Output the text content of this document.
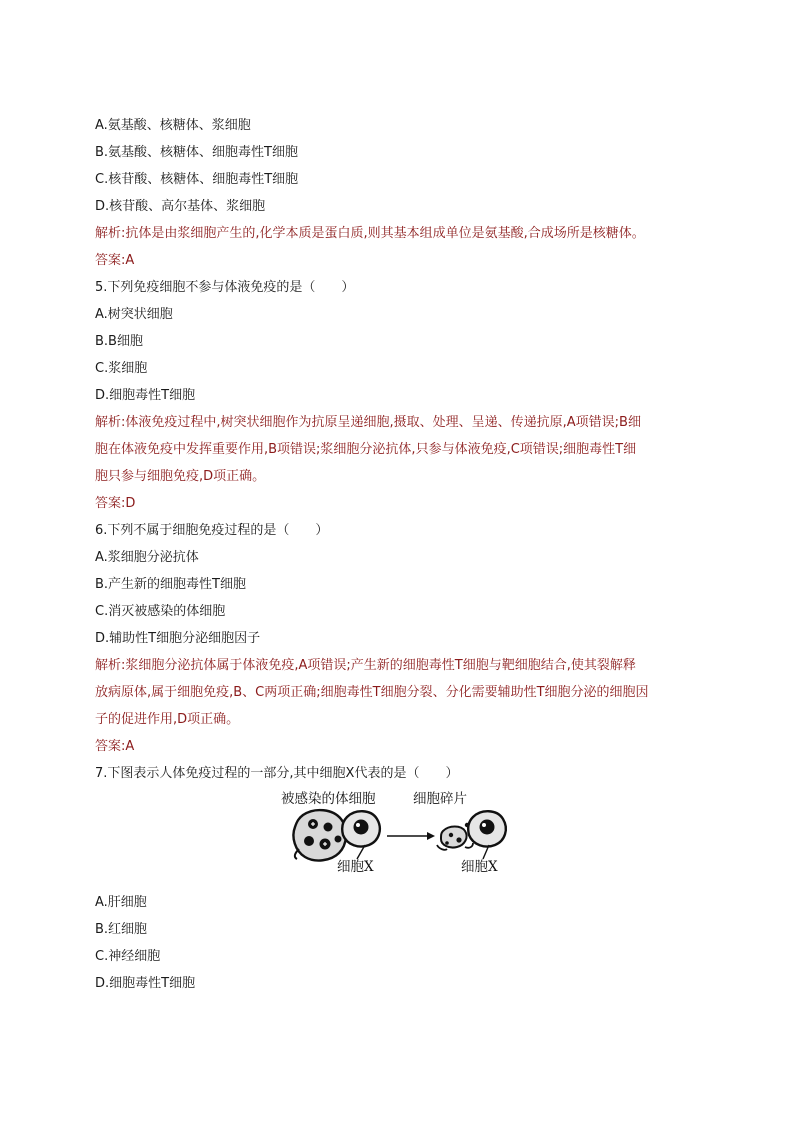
A.氨基酸、核糖体、浆细胞
B.氨基酸、核糖体、细胞毒性T细胞
C.核苷酸、核糖体、细胞毒性T细胞
D.核苷酸、高尔基体、浆细胞
解析:抗体是由浆细胞产生的,化学本质是蛋白质,则其基本组成单位是氨基酸,合成场所是核糖体。
答案:A
5.下列免疫细胞不参与体液免疫的是（　　）
A.树突状细胞
B.B细胞
C.浆细胞
D.细胞毒性T细胞
解析:体液免疫过程中,树突状细胞作为抗原呈递细胞,摄取、处理、呈递、传递抗原,A项错误;B细
胞在体液免疫中发挥重要作用,B项错误;浆细胞分泌抗体,只参与体液免疫,C项错误;细胞毒性T细
胞只参与细胞免疫,D项正确。
答案:D
6.下列不属于细胞免疫过程的是（　　）
A.浆细胞分泌抗体
B.产生新的细胞毒性T细胞
C.消灭被感染的体细胞
D.辅助性T细胞分泌细胞因子
解析:浆细胞分泌抗体属于体液免疫,A项错误;产生新的细胞毒性T细胞与靶细胞结合,使其裂解释
放病原体,属于细胞免疫,B、C两项正确;细胞毒性T细胞分裂、分化需要辅助性T细胞分泌的细胞因
子的促进作用,D项正确。
答案:A
7.下图表示人体免疫过程的一部分,其中细胞X代表的是（　　）
被感染的体细胞	细胞碎片
细胞X	细胞X
A.肝细胞
B.红细胞
C.神经细胞
D.细胞毒性T细胞
